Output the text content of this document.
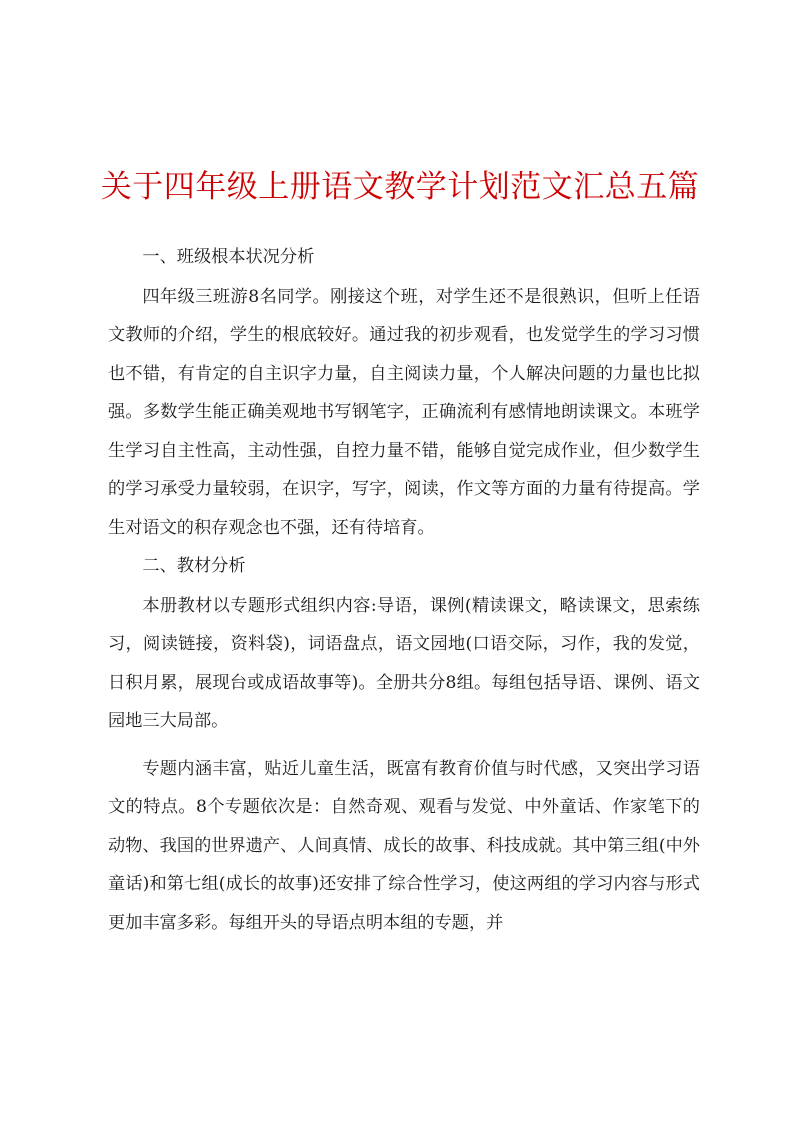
关于四年级上册语文教学计划范文汇总五篇

一、班级根本状况分析

四年级三班游8名同学。刚接这个班，对学生还不是很熟识，但听上任语文教师的介绍，学生的根底较好。通过我的初步观看，也发觉学生的学习习惯也不错，有肯定的自主识字力量，自主阅读力量，个人解决问题的力量也比拟强。多数学生能正确美观地书写钢笔字，正确流利有感情地朗读课文。本班学生学习自主性高，主动性强，自控力量不错，能够自觉完成作业，但少数学生的学习承受力量较弱，在识字，写字，阅读，作文等方面的力量有待提高。学生对语文的积存观念也不强，还有待培育。

二、教材分析

本册教材以专题形式组织内容:导语，课例(精读课文，略读课文，思索练习，阅读链接，资料袋)，词语盘点，语文园地(口语交际，习作，我的发觉，日积月累，展现台或成语故事等)。全册共分8组。每组包括导语、课例、语文园地三大局部。

专题内涵丰富，贴近儿童生活，既富有教育价值与时代感，又突出学习语文的特点。8个专题依次是：自然奇观、观看与发觉、中外童话、作家笔下的动物、我国的世界遗产、人间真情、成长的故事、科技成就。其中第三组(中外童话)和第七组(成长的故事)还安排了综合性学习，使这两组的学习内容与形式更加丰富多彩。每组开头的导语点明本组的专题，并
